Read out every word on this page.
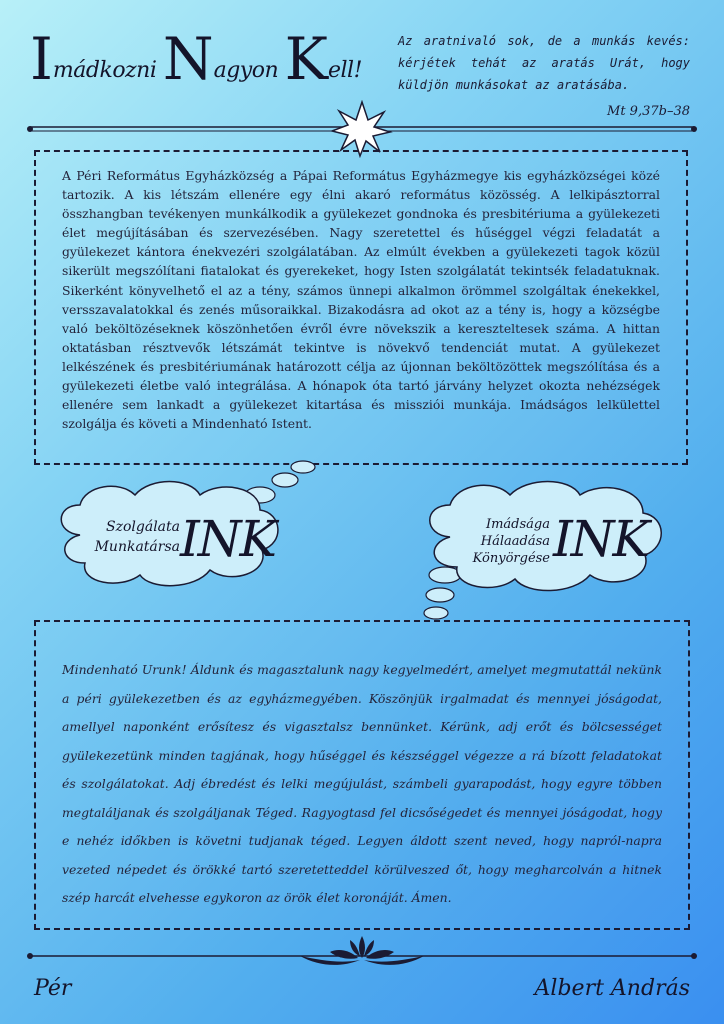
Imádkozni Nagyon Kell!
Az aratnivaló sok, de a munkás kevés: kérjétek tehát az aratás Urát, hogy küldjön munkásokat az aratásába.
Mt 9,37b–38

A Péri Református Egyházközség a Pápai Református Egyházmegye kis egyházközségei közé tartozik. A kis létszám ellenére egy élni akaró református közösség. A lelkipásztorral összhangban tevékenyen munkálkodik a gyülekezet gondnoka és presbitériuma a gyülekezeti élet megújításában és szervezésében. Nagy szeretettel és hűséggel végzi feladatát a gyülekezet kántora énekvezéri szolgálatában. Az elmúlt években a gyülekezeti tagok közül sikerült megszólítani fiatalokat és gyerekeket, hogy Isten szolgálatát tekintsék feladatuknak. Sikerként könyvelhető el az a tény, számos ünnepi alkalmon örömmel szolgáltak énekekkel, versszavalatokkal és zenés műsoraikkal. Bizakodásra ad okot az a tény is, hogy a községbe való beköltözéseknek köszönhetően évről évre növekszik a kereszteltesek száma. A hittan oktatásban résztvevők létszámát tekintve is növekvő tendenciát mutat. A gyülekezet lelkészének és presbitériumának határozott célja az újonnan beköltözöttek megszólítása és a gyülekezeti életbe való integrálása. A hónapok óta tartó járvány helyzet okozta nehézségek ellenére sem lankadt a gyülekezet kitartása és missziói munkája. Imádságos lelkülettel szolgálja és követi a Mindenható Istent.

Szolgálata
Munkatársa INK	Imádsága
Hálaadása
Könyörgése INK

Mindenható Urunk! Áldunk és magasztalunk nagy kegyelmedért, amelyet megmutattál nekünk a péri gyülekezetben és az egyházmegyében. Köszönjük irgalmadat és mennyei jóságodat, amellyel naponként erősítesz és vigasztalsz bennünket. Kérünk, adj erőt és bölcsességet gyülekezetünk minden tagjának, hogy hűséggel és készséggel végezze a rá bízott feladatokat és szolgálatokat. Adj ébredést és lelki megújulást, számbeli gyarapodást, hogy egyre többen megtaláljanak és szolgáljanak Téged. Ragyogtasd fel dicsőségedet és mennyei jóságodat, hogy e nehéz időkben is követni tudjanak téged. Legyen áldott szent neved, hogy napról-napra vezeted népedet és örökké tartó szeretetteddel körülveszed őt, hogy megharcolván a hitnek szép harcát elvehesse egykoron az örök élet koronáját. Ámen.

Pér	Albert András
